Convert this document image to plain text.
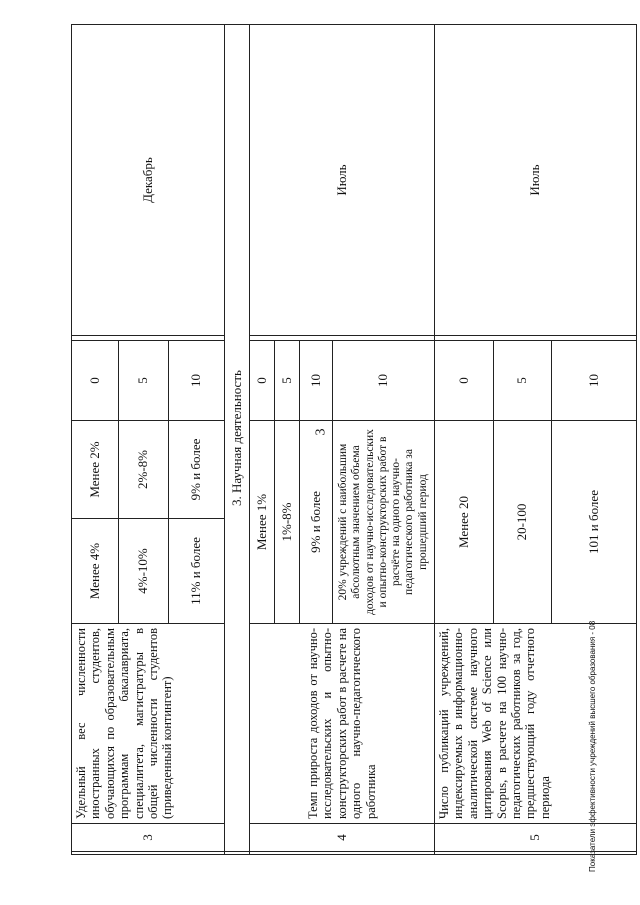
3
Показатели эффективности учреждений высшего образования - 08
	3	Удельный вес численности иностранных студентов, обучающихся по образовательным программам бакалавриата, специалитета, магистратуры в общей численности студентов (приведенный контингент)	Менее 4%	Менее 2%	0		Декабрь
			4%-10%	2%-8%	5		
			11% и более	9% и более	10		
	3. Научная деятельность						
	4	Темп прироста доходов от научно-исследовательских и опытно-конструкторских работ в расчете на одного научно-педагогического работника	Менее 1%		0		Июль
			1%-8%		5		
			9% и более		10		
			20% учреждений с наибольшим абсолютным значением объема доходов от научно-исследовательских и опытно-конструкторских работ в расчёте на одного научно-педагогического работника за прошедший период		10		
	5	Число публикаций учреждений, индексируемых в информационно-аналитической системе научного цитирования Web of Science или Scopus, в расчете на 100 научно-педагогических работников за год, предшествующий году отчетного периода	Менее 20		0		Июль
			20-100		5		
			101 и более		10		
